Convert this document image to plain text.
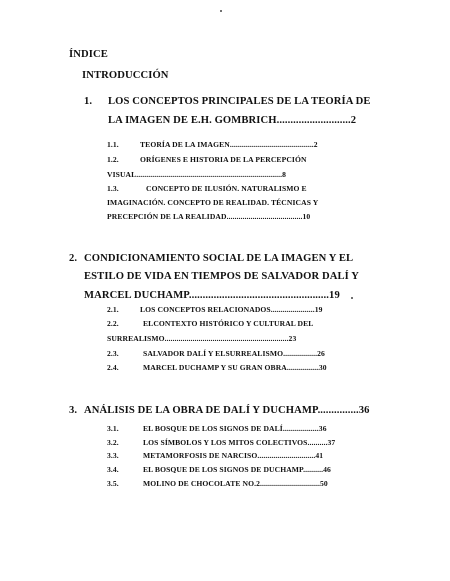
ÍNDICE
INTRODUCCIÓN
1. LOS CONCEPTOS PRINCIPALES DE LA TEORÍA DE
LA IMAGEN DE E.H. GOMBRICH...........................2
1.1.	TEORÍA DE LA IMAGEN..........................................2
1.2.	ORÍGENES E HISTORIA DE LA PERCEPCIÓN
VISUAL.........................................................................8
1.3.	CONCEPTO DE ILUSIÓN. NATURALISMO E
IMAGINACIÓN. CONCEPTO DE REALIDAD. TÉCNICAS Y
PRECEPCIÓN DE LA REALIDAD......................................10
2. CONDICIONAMIENTO SOCIAL DE LA IMAGEN Y EL
ESTILO DE VIDA EN TIEMPOS DE SALVADOR DALÍ Y
MARCEL DUCHAMP...................................................19
2.1.	LOS CONCEPTOS RELACIONADOS......................19
2.2.	ELCONTEXTO HISTÓRICO Y CULTURAL DEL
SURREALISMO..............................................................23
2.3.	SALVADOR DALÍ Y ELSURREALISMO.................26
2.4.	MARCEL DUCHAMP Y SU GRAN OBRA................30
3. ANÁLISIS DE LA OBRA DE DALÍ Y DUCHAMP...............36
3.1.	EL BOSQUE DE LOS SIGNOS DE DALÍ..................36
3.2.	LOS SÍMBOLOS Y LOS MITOS COLECTIVOS..........37
3.3.	METAMORFOSIS DE NARCISO.............................41
3.4.	EL BOSQUE DE LOS SIGNOS DE DUCHAMP..........46
3.5.	MOLINO DE CHOCOLATE NO.2..............................50
